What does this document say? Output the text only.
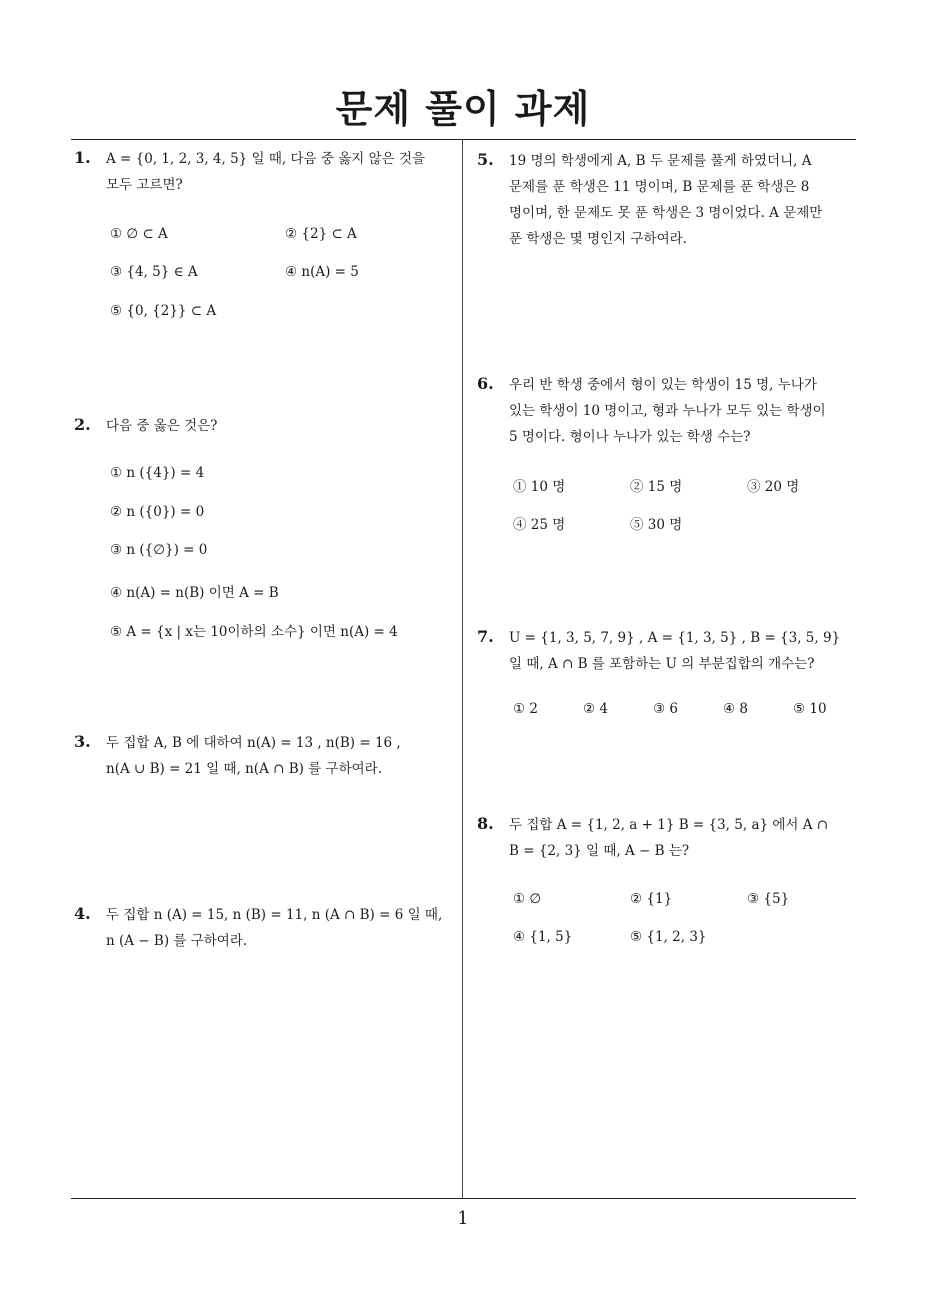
문제 풀이 과제
1. A = {0, 1, 2, 3, 4, 5} 일 때, 다음 중 옳지 않은 것을
모두 고르면?
① ∅ ⊂ A	② {2} ⊂ A
③ {4, 5} ∈ A	④ n(A) = 5
⑤ {0, {2}} ⊂ A
2. 다음 중 옳은 것은?
① n ({4}) = 4
② n ({0}) = 0
③ n ({∅}) = 0
④ n(A) = n(B) 이면 A = B
⑤ A = {x | x는 10이하의 소수} 이면 n(A) = 4
3. 두 집합 A, B 에 대하여 n(A) = 13 , n(B) = 16 ,
n(A ∪ B) = 21 일 때, n(A ∩ B) 를 구하여라.
4. 두 집합 n (A) = 15, n (B) = 11, n (A ∩ B) = 6 일 때,
n (A − B) 를 구하여라.
5. 19 명의 학생에게 A, B 두 문제를 풀게 하였더니, A
문제를 푼 학생은 11 명이며, B 문제를 푼 학생은 8
명이며, 한 문제도 못 푼 학생은 3 명이었다. A 문제만
푼 학생은 몇 명인지 구하여라.
6. 우리 반 학생 중에서 형이 있는 학생이 15 명, 누나가
있는 학생이 10 명이고, 형과 누나가 모두 있는 학생이
5 명이다. 형이나 누나가 있는 학생 수는?
① 10 명	② 15 명	③ 20 명
④ 25 명	⑤ 30 명
7. U = {1, 3, 5, 7, 9} , A = {1, 3, 5} , B = {3, 5, 9}
일 때, A ∩ B 를 포함하는 U 의 부분집합의 개수는?
① 2	② 4	③ 6	④ 8	⑤ 10
8. 두 집합 A = {1, 2, a + 1} B = {3, 5, a} 에서 A ∩
B = {2, 3} 일 때, A − B 는?
① ∅	② {1}	③ {5}
④ {1, 5}	⑤ {1, 2, 3}
1
